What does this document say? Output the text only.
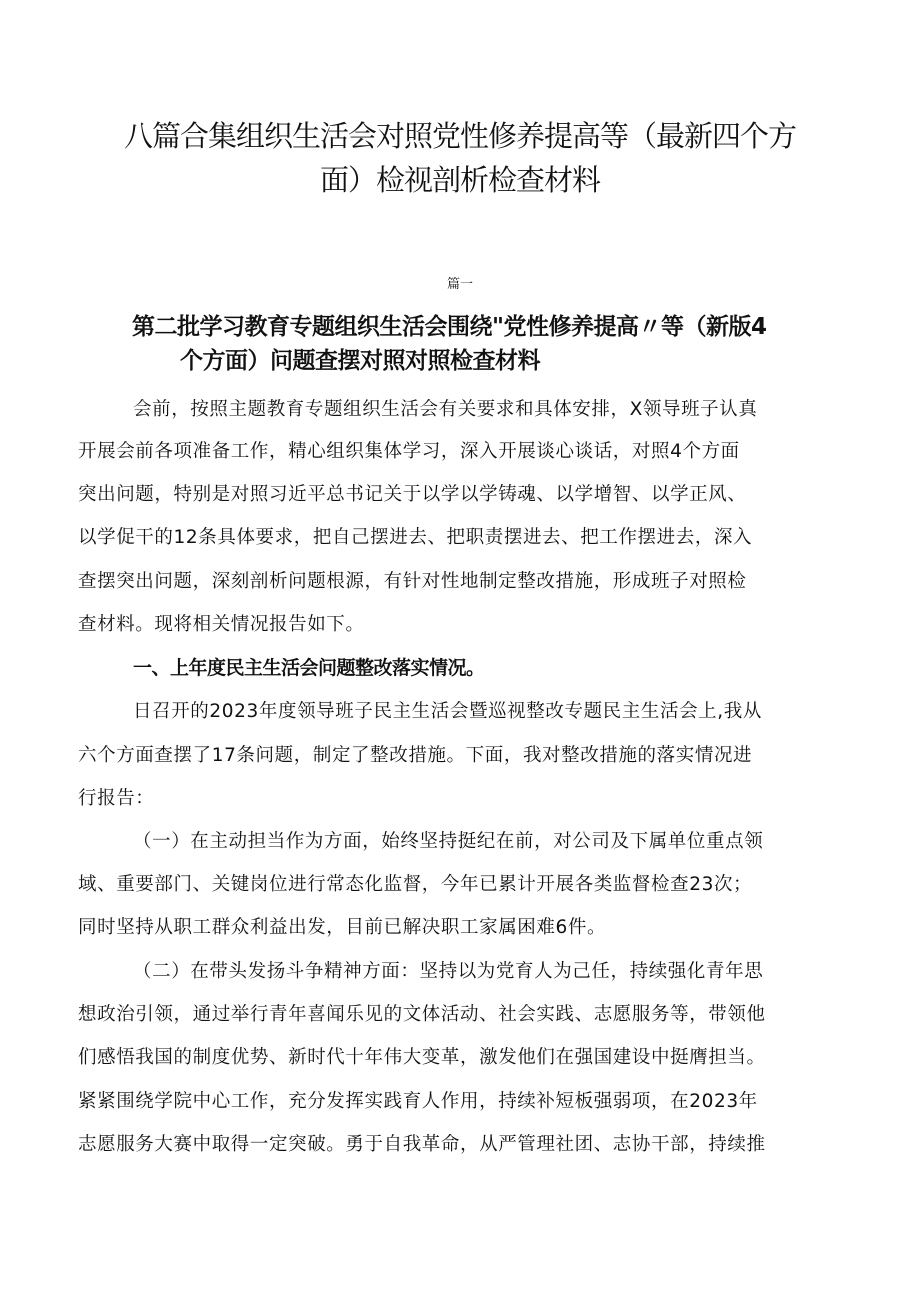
八篇合集组织生活会对照党性修养提高等（最新四个方
面）检视剖析检查材料
篇一
第二批学习教育专题组织生活会围绕"党性修养提高〃等（新版4
个方面）问题查摆对照对照检查材料
会前，按照主题教育专题组织生活会有关要求和具体安排，X领导班子认真
开展会前各项准备工作，精心组织集体学习，深入开展谈心谈话，对照4个方面
突出问题，特别是对照习近平总书记关于以学以学铸魂、以学增智、以学正风、
以学促干的12条具体要求，把自己摆进去、把职责摆进去、把工作摆进去，深入
查摆突出问题，深刻剖析问题根源，有针对性地制定整改措施，形成班子对照检
查材料。现将相关情况报告如下。
一、上年度民主生活会问题整改落实情况。
日召开的2023年度领导班子民主生活会暨巡视整改专题民主生活会上,我从
六个方面查摆了17条问题，制定了整改措施。下面，我对整改措施的落实情况进
行报告：
（一）在主动担当作为方面，始终坚持挺纪在前，对公司及下属单位重点领
域、重要部门、关键岗位进行常态化监督，今年已累计开展各类监督检查23次；
同时坚持从职工群众利益出发，目前已解决职工家属困难6件。
（二）在带头发扬斗争精神方面：坚持以为党育人为己任，持续强化青年思
想政治引领，通过举行青年喜闻乐见的文体活动、社会实践、志愿服务等，带领他
们感悟我国的制度优势、新时代十年伟大变革，激发他们在强国建设中挺膺担当。
紧紧围绕学院中心工作，充分发挥实践育人作用，持续补短板强弱项，在2023年
志愿服务大赛中取得一定突破。勇于自我革命，从严管理社团、志协干部，持续推
